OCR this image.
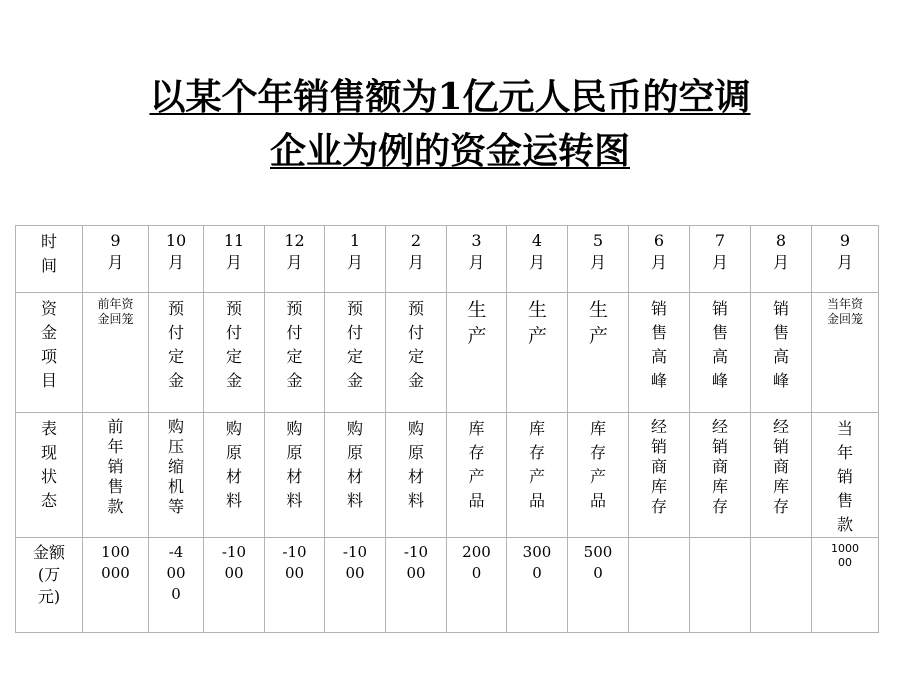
以某个年销售额为1亿元人民币的空调
企业为例的资金运转图
时间	9月	10月	11月	12月	1月	2月	3月	4月	5月	6月	7月	8月	9月
资金项目	前年资金回笼	预付定金	预付定金	预付定金	预付定金	预付定金	生产	生产	生产	销售高峰	销售高峰	销售高峰	当年资金回笼
表现状态	前年销售款	购压缩机等	购原材料	购原材料	购原材料	购原材料	库存产品	库存产品	库存产品	经销商库存	经销商库存	经销商库存	当年销售款
金额(万元)	100000	-4000	-1000	-1000	-1000	-1000	2000	3000	5000				100000
